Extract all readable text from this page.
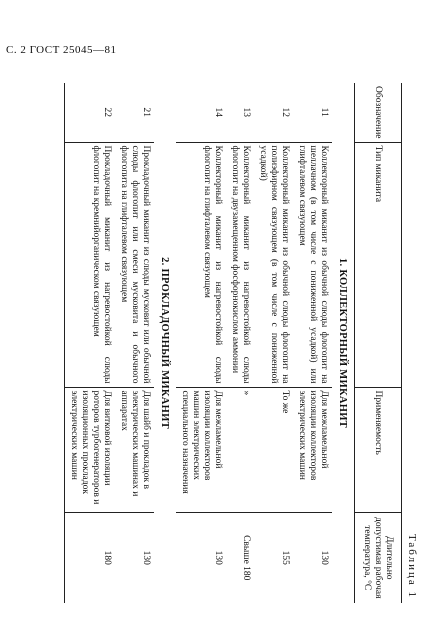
С. 2 ГОСТ 25045—81
Таблица 1
Обозначение	Тип миканита	Применяемость	Длительно допустимая рабочая температура, °С
1. КОЛЛЕКТОРНЫЙ МИКАНИТ			
11	Коллекторный миканит из обычной слюды флогопит на шеллачном (в том числе с пониженной усадкой) или глифталевом связующем	Для межламельной изоляции коллекторов электрических машин	130
12	Коллекторный миканит из обычной слюды флогопит на полиэфирном связующем (в том числе с пониженной усадкой)	То же	155
13	Коллекторный миканит из нагревостойкой слюды флогопит на двузамещенном фосфорнокислом аммонии	»	Свыше 180
14	Коллекторный миканит из нагревостойкой слюды флогопит на глифталевом связующем	Для межламельной изоляции коллекторов машин электрических специального назначения	130
2. ПРОКЛАДОЧНЫЙ МИКАНИТ			
21	Прокладочный миканит из слюды мусковит или обычной слюды флогопит или смеси мусковита и обычного флогопита на глифталевом связующем	Для шайб и прокладок в электрических машинах и аппаратах	130
22	Прокладочный миканит из нагревостойкой слюды флогопит на кремнийорганическом связующем	Для витковой изоляции роторов турбогенераторов и изоляционных прокладок электрических машин	180
